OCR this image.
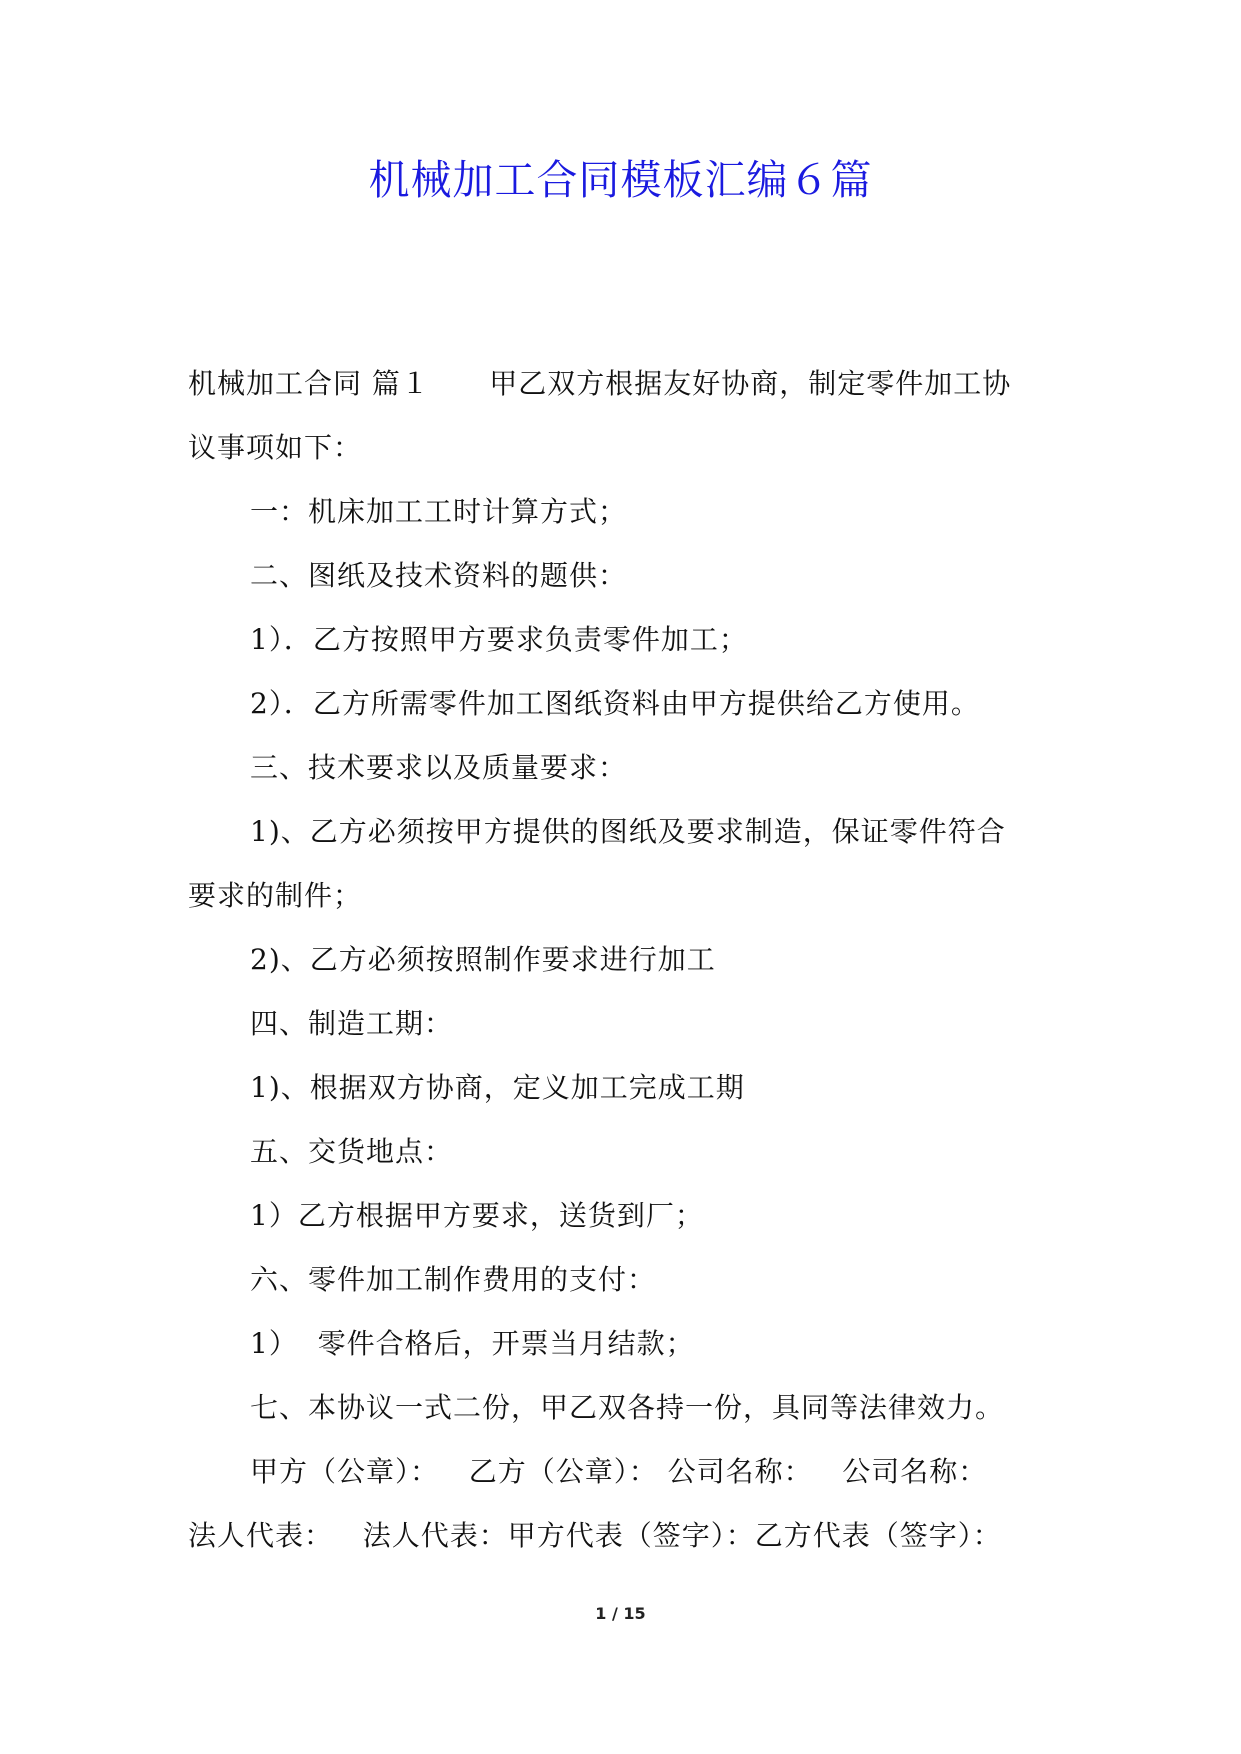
机械加工合同模板汇编６篇
机械加工合同 篇１      甲乙双方根据友好协商，制定零件加工协
议事项如下：
一：机床加工工时计算方式；
二、图纸及技术资料的题供：
1）．乙方按照甲方要求负责零件加工；
2）．乙方所需零件加工图纸资料由甲方提供给乙方使用。
三、技术要求以及质量要求：
1)、乙方必须按甲方提供的图纸及要求制造，保证零件符合
要求的制件；
2)、乙方必须按照制作要求进行加工
四、制造工期：
1)、根据双方协商，定义加工完成工期
五、交货地点：
1）乙方根据甲方要求，送货到厂；
六、零件加工制作费用的支付：
1）  零件合格后，开票当月结款；
七、本协议一式二份，甲乙双各持一份，具同等法律效力。
甲方（公章）：   乙方（公章）： 公司名称：   公司名称：
法人代表：   法人代表：甲方代表（签字）：乙方代表（签字）：
1 / 15
